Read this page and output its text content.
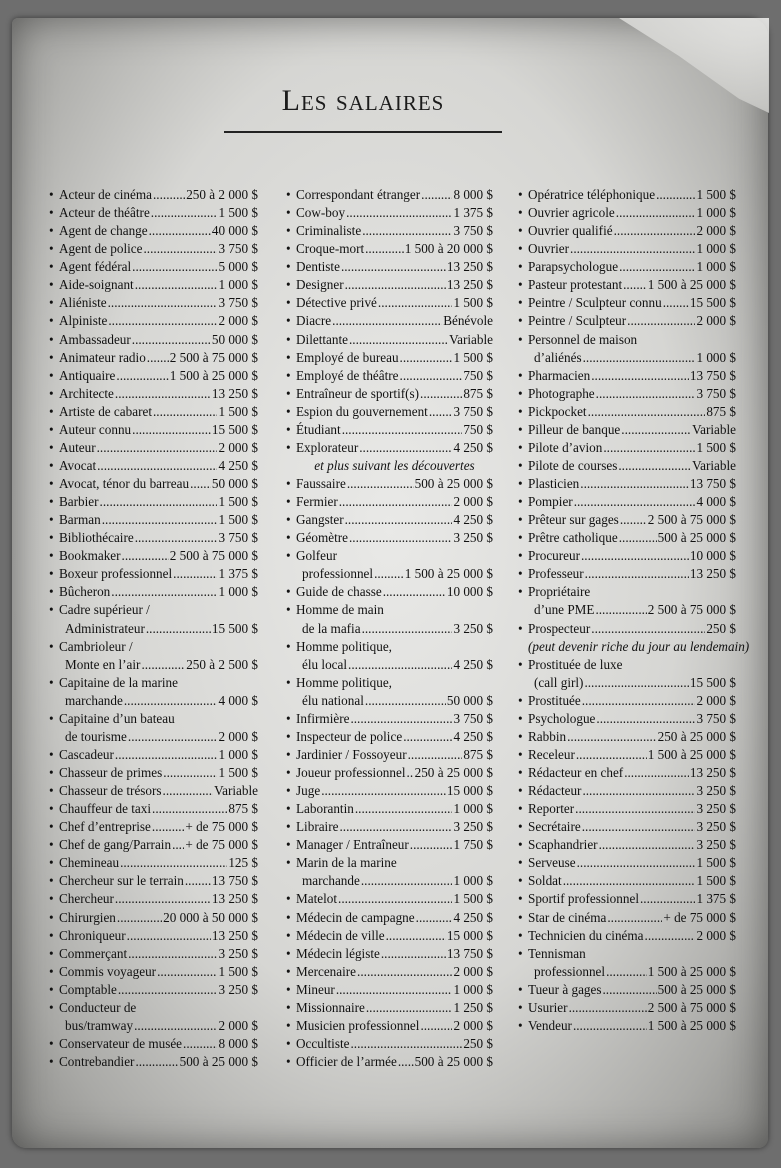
Les salaires
• Acteur de cinéma .....	250 à 2 000 $
• Acteur de théâtre .....	1 500 $
• Agent de change .....	40 000 $
• Agent de police .....	3 750 $
• Agent fédéral .....	5 000 $
• Aide-soignant .....	1 000 $
• Aliéniste .....	3 750 $
• Alpiniste .....	2 000 $
• Ambassadeur .....	50 000 $
• Animateur radio ..... 2 500 à 75 000 $
• Antiquaire .....	1 500 à 25 000 $
• Architecte .....	13 250 $
• Artiste de cabaret .....	1 500 $
• Auteur connu .....	15 500 $
• Auteur .....	2 000 $
• Avocat .....	4 250 $
• Avocat, ténor du barreau ..... 50 000 $
• Barbier .....	1 500 $
• Barman .....	1 500 $
• Bibliothécaire .....	3 750 $
• Bookmaker .....	2 500 à 75 000 $
• Boxeur professionnel .....	1 375 $
• Bûcheron .....	1 000 $
• Cadre supérieur /
Administrateur .....	15 500 $
• Cambrioleur /
Monte en l’air .....	250 à 2 500 $
• Capitaine de la marine
marchande .....	4 000 $
• Capitaine d’un bateau
de tourisme .....	2 000 $
• Cascadeur .....	1 000 $
• Chasseur de primes .....	1 500 $
• Chasseur de trésors .....	Variable
• Chauffeur de taxi .....	875 $
• Chef d’entreprise .....	+ de 75 000 $
• Chef de gang/Parrain ..... + de 75 000 $
• Chemineau .....	125 $
• Chercheur sur le terrain ..... 13 750 $
• Chercheur .....	13 250 $
• Chirurgien .....	20 000 à 50 000 $
• Chroniqueur .....	13 250 $
• Commerçant .....	3 250 $
• Commis voyageur .....	1 500 $
• Comptable .....	3 250 $
• Conducteur de
bus/tramway .....	2 000 $
• Conservateur de musée .....	8 000 $
• Contrebandier .....	500 à 25 000 $
• Correspondant étranger .....	8 000 $
• Cow-boy .....	1 375 $
• Criminaliste .....	3 750 $
• Croque-mort .....	1 500 à 20 000 $
• Dentiste .....	13 250 $
• Designer .....	13 250 $
• Détective privé .....	1 500 $
• Diacre .....	Bénévole
• Dilettante .....	Variable
• Employé de bureau .....	1 500 $
• Employé de théâtre .....	750 $
• Entraîneur de sportif(s) .....	875 $
• Espion du gouvernement ..... 3 750 $
• Étudiant .....	750 $
• Explorateur .....	4 250 $
et plus suivant les découvertes
• Faussaire .....	500 à 25 000 $
• Fermier .....	2 000 $
• Gangster .....	4 250 $
• Géomètre .....	3 250 $
• Golfeur
professionnel ..... 1 500 à 25 000 $
• Guide de chasse .....	10 000 $
• Homme de main
de la mafia .....	3 250 $
• Homme politique,
élu local .....	4 250 $
• Homme politique,
élu national .....	50 000 $
• Infirmière .....	3 750 $
• Inspecteur de police .....	4 250 $
• Jardinier / Fossoyeur .....	875 $
• Joueur professionnel ..... 250 à 25 000 $
• Juge .....	15 000 $
• Laborantin .....	1 000 $
• Libraire .....	3 250 $
• Manager / Entraîneur .....	1 750 $
• Marin de la marine
marchande .....	1 000 $
• Matelot .....	1 500 $
• Médecin de campagne .....	4 250 $
• Médecin de ville .....	15 000 $
• Médecin légiste .....	13 750 $
• Mercenaire .....	2 000 $
• Mineur .....	1 000 $
• Missionnaire .....	1 250 $
• Musicien professionnel .....	2 000 $
• Occultiste .....	250 $
• Officier de l’armée ..... 500 à 25 000 $
• Opératrice téléphonique .....	1 500 $
• Ouvrier agricole .....	1 000 $
• Ouvrier qualifié .....	2 000 $
• Ouvrier .....	1 000 $
• Parapsychologue .....	1 000 $
• Pasteur protestant ..... 1 500 à 25 000 $
• Peintre / Sculpteur connu ..... 15 500 $
• Peintre / Sculpteur .....	2 000 $
• Personnel de maison
d’aliénés .....	1 000 $
• Pharmacien .....	13 750 $
• Photographe .....	3 750 $
• Pickpocket .....	875 $
• Pilleur de banque .....	Variable
• Pilote d’avion .....	1 500 $
• Pilote de courses .....	Variable
• Plasticien .....	13 750 $
• Pompier .....	4 000 $
• Prêteur sur gages ..... 2 500 à 75 000 $
• Prêtre catholique .....	500 à 25 000 $
• Procureur .....	10 000 $
• Professeur .....	13 250 $
• Propriétaire
d’une PME .....	2 500 à 75 000 $
• Prospecteur .....	250 $
(peut devenir riche du jour au lendemain)
• Prostituée de luxe
(call girl) .....	15 500 $
• Prostituée .....	2 000 $
• Psychologue .....	3 750 $
• Rabbin .....	250 à 25 000 $
• Receleur .....	1 500 à 25 000 $
• Rédacteur en chef .....	13 250 $
• Rédacteur .....	3 250 $
• Reporter .....	3 250 $
• Secrétaire .....	3 250 $
• Scaphandrier .....	3 250 $
• Serveuse .....	1 500 $
• Soldat .....	1 500 $
• Sportif professionnel .....	1 375 $
• Star de cinéma .....	+ de 75 000 $
• Technicien du cinéma .....	2 000 $
• Tennisman
professionnel .....	1 500 à 25 000 $
• Tueur à gages .....	500 à 25 000 $
• Usurier .....	2 500 à 75 000 $
• Vendeur .....	1 500 à 25 000 $
